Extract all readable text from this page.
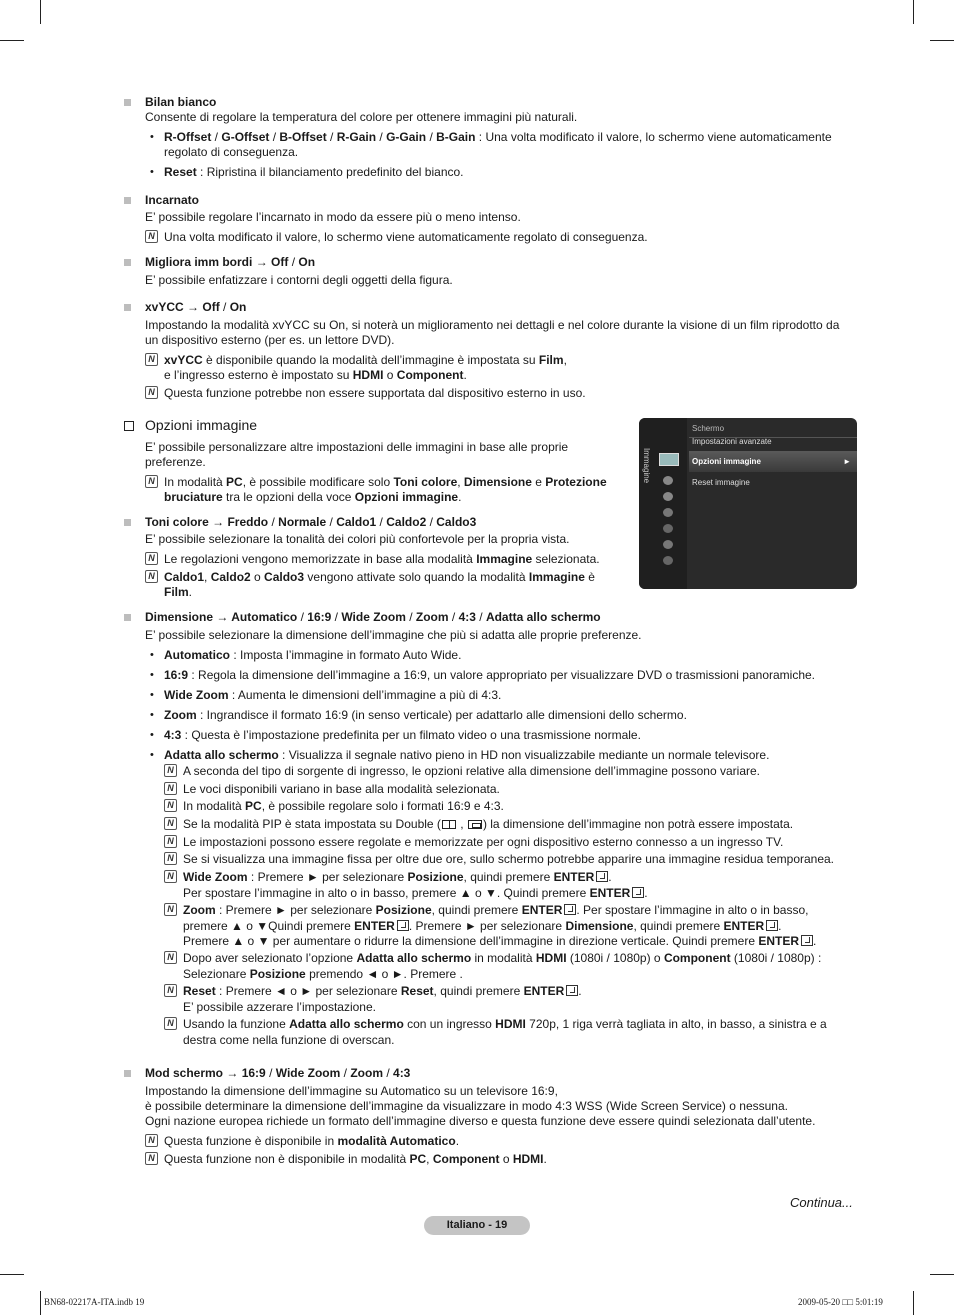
Bilan bianco
Consente di regolare la temperatura del colore per ottenere immagini più naturali.
• R-Offset / G-Offset / B-Offset / R-Gain / G-Gain / B-Gain : Una volta modificato il valore, lo schermo viene automaticamente
regolato di conseguenza.
• Reset : Ripristina il bilanciamento predefinito del bianco.
Incarnato
E’ possibile regolare l’incarnato in modo da essere più o meno intenso.
N Una volta modificato il valore, lo schermo viene automaticamente regolato di conseguenza.
Migliora imm bordi → Off / On
E’ possibile enfatizzare i contorni degli oggetti della figura.
xvYCC → Off / On
Impostando la modalità xvYCC su On, si noterà un miglioramento nei dettagli e nel colore durante la visione di un film riprodotto da
un dispositivo esterno (per es. un lettore DVD).
N xvYCC è disponibile quando la modalità dell’immagine è impostata su Film,
e l’ingresso esterno è impostato su HDMI o Component.
N Questa funzione potrebbe non essere supportata dal dispositivo esterno in uso.
Opzioni immagine
E’ possibile personalizzare altre impostazioni delle immagini in base alle proprie
preferenze.
N In modalità PC, è possibile modificare solo Toni colore, Dimensione e Protezione
bruciature tra le opzioni della voce Opzioni immagine.
Immagine
Schermo
Impostazioni avanzate
Opzioni immagine	►
Reset immagine
Toni colore → Freddo / Normale / Caldo1 / Caldo2 / Caldo3
E’ possibile selezionare la tonalità dei colori più confortevole per la propria vista.
N Le regolazioni vengono memorizzate in base alla modalità Immagine selezionata.
N Caldo1, Caldo2 o Caldo3 vengono attivate solo quando la modalità Immagine è
Film.
Dimensione → Automatico / 16:9 / Wide Zoom / Zoom / 4:3 / Adatta allo schermo
E’ possibile selezionare la dimensione dell’immagine che più si adatta alle proprie preferenze.
• Automatico : Imposta l’immagine in formato Auto Wide.
• 16:9 : Regola la dimensione dell’immagine a 16:9, un valore appropriato per visualizzare DVD o trasmissioni panoramiche.
• Wide Zoom : Aumenta le dimensioni dell’immagine a più di 4:3.
• Zoom : Ingrandisce il formato 16:9 (in senso verticale) per adattarlo alle dimensioni dello schermo.
• 4:3 : Questa è l’impostazione predefinita per un filmato video o una trasmissione normale.
• Adatta allo schermo : Visualizza il segnale nativo pieno in HD non visualizzabile mediante un normale televisore.
N A seconda del tipo di sorgente di ingresso, le opzioni relative alla dimensione dell’immagine possono variare.
N Le voci disponibili variano in base alla modalità selezionata.
N In modalità PC, è possibile regolare solo i formati 16:9 e 4:3.
N Se la modalità PIP è stata impostata su Double ( , ) la dimensione dell’immagine non potrà essere impostata.
N Le impostazioni possono essere regolate e memorizzate per ogni dispositivo esterno connesso a un ingresso TV.
N Se si visualizza una immagine fissa per oltre due ore, sullo schermo potrebbe apparire una immagine residua temporanea.
N Wide Zoom : Premere ► per selezionare Posizione, quindi premere ENTER .
Per spostare l’immagine in alto o in basso, premere ▲ o ▼. Quindi premere ENTER .
N Zoom : Premere ► per selezionare Posizione, quindi premere ENTER . Per spostare l’immagine in alto o in basso,
premere ▲ o ▼Quindi premere ENTER . Premere ► per selezionare Dimensione, quindi premere ENTER .
Premere ▲ o ▼ per aumentare o ridurre la dimensione dell’immagine in direzione verticale. Quindi premere ENTER .
N Dopo aver selezionato l’opzione Adatta allo schermo in modalità HDMI (1080i / 1080p) o Component (1080i / 1080p) :
Selezionare Posizione premendo ◄ o ►. Premere .
N Reset : Premere ◄ o ► per selezionare Reset, quindi premere ENTER .
E’ possibile azzerare l’impostazione.
N Usando la funzione Adatta allo schermo con un ingresso HDMI 720p, 1 riga verrà tagliata in alto, in basso, a sinistra e a
destra come nella funzione di overscan.
Mod schermo → 16:9 / Wide Zoom / Zoom / 4:3
Impostando la dimensione dell’immagine su Automatico su un televisore 16:9,
è possibile determinare la dimensione dell’immagine da visualizzare in modo 4:3 WSS (Wide Screen Service) o nessuna.
Ogni nazione europea richiede un formato dell’immagine diverso e questa funzione deve essere quindi selezionata dall’utente.
N Questa funzione è disponibile in modalità Automatico.
N Questa funzione non è disponibile in modalità PC, Component o HDMI.
Continua...
Italiano - 19
BN68-02217A-ITA.indb 19	2009-05-20 □□ 5:01:19
